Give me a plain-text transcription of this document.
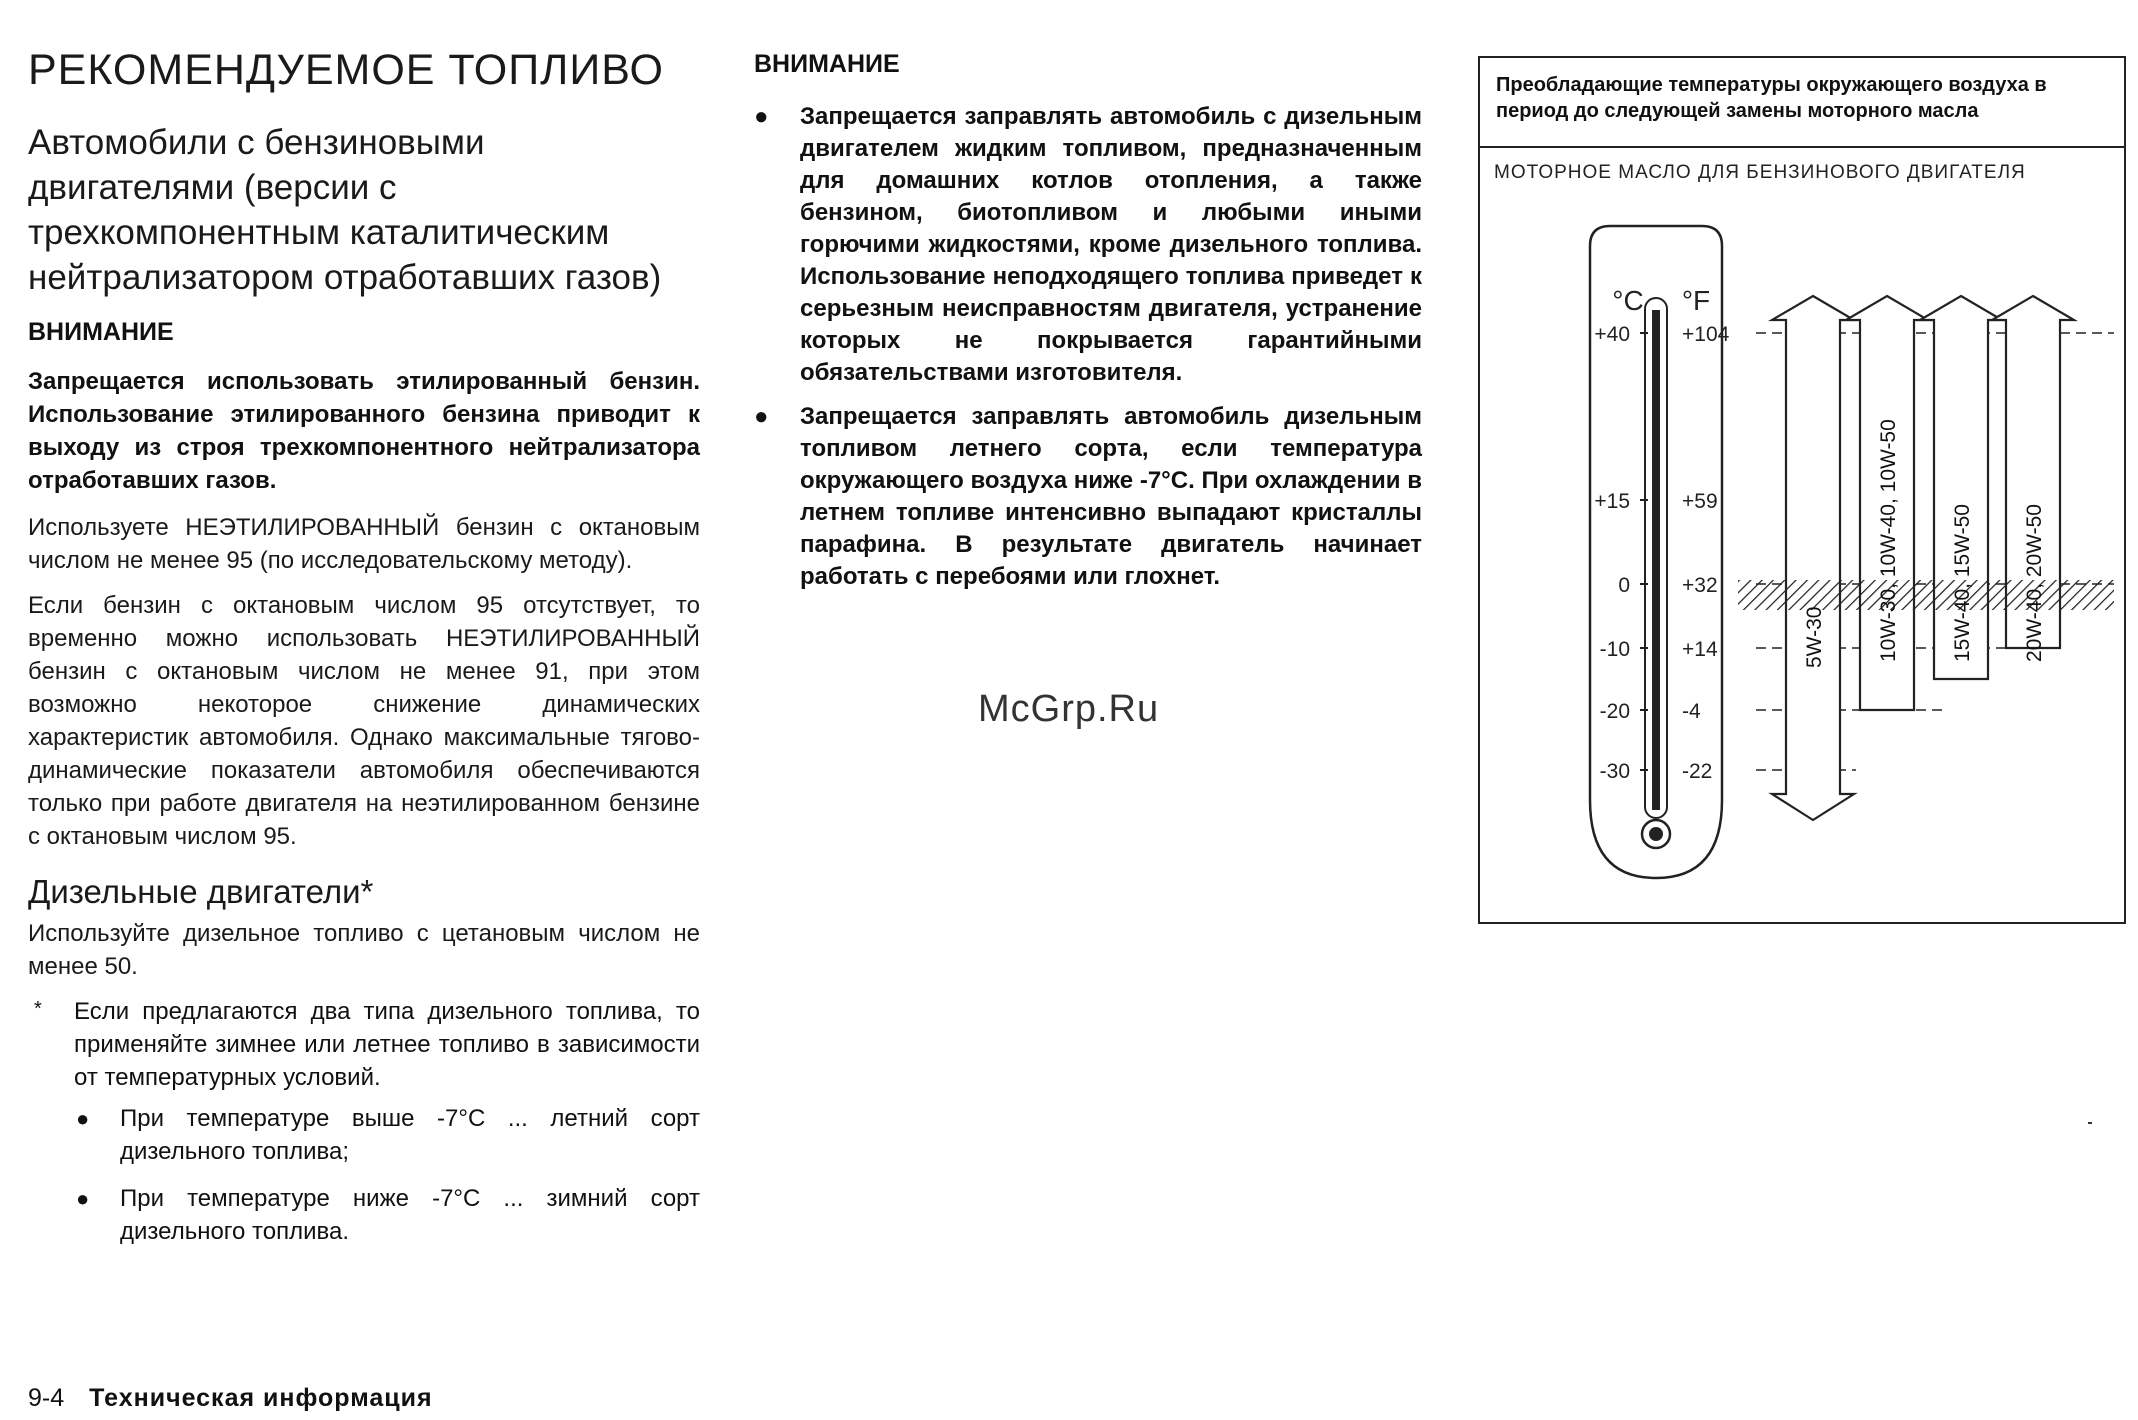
РЕКОМЕНДУЕМОЕ ТОПЛИВО
Автомобили с бензиновыми двигателями (версии с трехкомпонентным каталитическим нейтрализатором отработавших газов)
ВНИМАНИЕ

Запрещается использовать этилированный бензин. Использование этилированного бензина приводит к выходу из строя трехкомпонентного нейтрализатора отработавших газов.

Используете НЕЭТИЛИРОВАННЫЙ бензин с октановым числом не менее 95 (по исследовательскому методу).

Если бензин с октановым числом 95 отсутствует, то временно можно использовать НЕЭТИЛИРОВАННЫЙ бензин с октановым числом не менее 91, при этом возможно некоторое снижение динамических характеристик автомобиля. Однако максимальные тягово-динамические показатели автомобиля обеспечиваются только при работе двигателя на неэтилированном бензине с октановым числом 95.

Дизельные двигатели*

Используйте дизельное топливо с цетановым числом не менее 50.

* Если предлагаются два типа дизельного топлива, то применяйте зимнее или летнее топливо в зависимости от температурных условий.
● При температуре выше -7°С ... летний сорт дизельного топлива;
● При температуре ниже -7°С ... зимний сорт дизельного топлива.
ВНИМАНИЕ
● Запрещается заправлять автомобиль с дизельным двигателем жидким топливом, предназначенным для домашних котлов отопления, а также бензином, биотопливом и любыми иными горючими жидкостями, кроме дизельного топлива. Использование неподходящего топлива приведет к серьезным неисправностям двигателя, устранение которых не покрывается гарантийными обязательствами изготовителя.
● Запрещается заправлять автомобиль дизельным топливом летнего сорта, если температура окружающего воздуха ниже -7°С. При охлаждении в летнем топливе интенсивно выпадают кристаллы парафина. В результате двигатель начинает работать с перебоями или глохнет.
McGrp.Ru
Преобладающие температуры окружающего воздуха в период до следующей замены моторного масла
МОТОРНОЕ МАСЛО ДЛЯ БЕНЗИНОВОГО ДВИГАТЕЛЯ
°C °F
+40 +104
+15 +59
0 +32
-10 +14
-20 -4
-30 -22
5W-30 10W-30, 10W-40, 10W-50 15W-40, 15W-50 20W-40, 20W-50
9-4 Техническая информация
